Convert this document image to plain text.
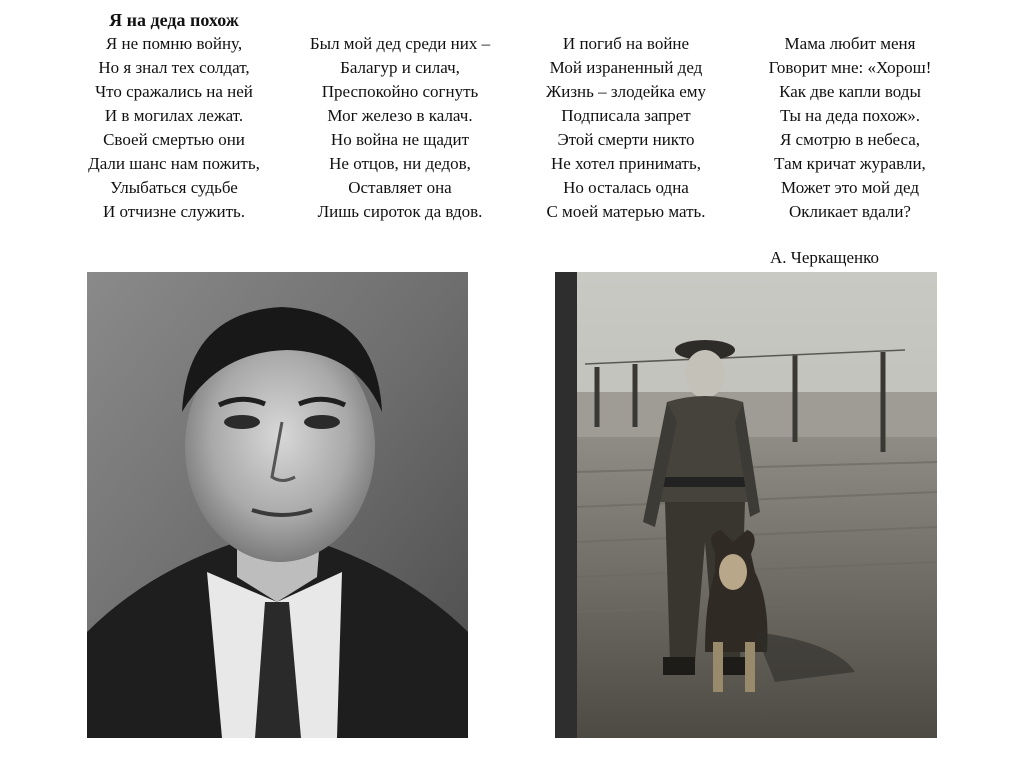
Я на деда похож
Я не помню войну,
Но я знал тех солдат,
Что сражались на ней
И в могилах лежат.
Своей смертью они
Дали шанс нам пожить,
Улыбаться судьбе
И отчизне служить.
Был мой дед среди них –
Балагур и силач,
Преспокойно согнуть
Мог железо в калач.
Но война не щадит
Не отцов, ни дедов,
Оставляет она
Лишь сироток да вдов.
И погиб на войне
Мой израненный дед
Жизнь – злодейка ему
Подписала запрет
Этой смерти никто
Не хотел принимать,
Но осталась одна
С моей матерью мать.
Мама любит меня
Говорит мне: «Хорош!
Как две капли воды
Ты на деда похож».
Я смотрю в небеса,
Там кричат журавли,
Может это мой дед
Окликает вдали?
А. Черкащенко
